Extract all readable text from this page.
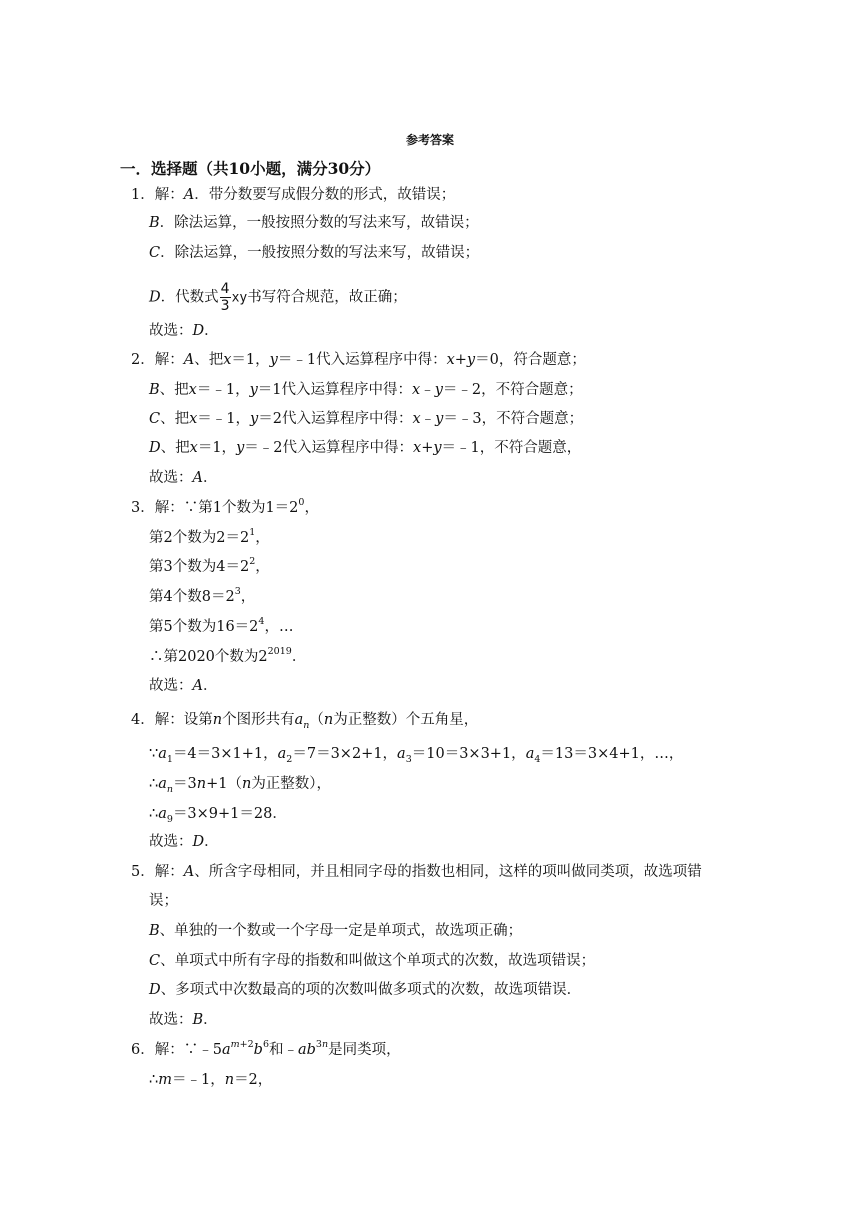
参考答案
一．选择题（共10小题，满分30分）
1．解：A．带分数要写成假分数的形式，故错误；
B．除法运算，一般按照分数的写法来写，故错误；
C．除法运算，一般按照分数的写法来写，故错误；
D．代数式 $\frac{4}{3}$ xy书写符合规范，故正确；
故选：D．
2．解：A、把x＝1，y＝﹣1代入运算程序中得：x+y＝0，符合题意；
B、把x＝﹣1，y＝1代入运算程序中得：x﹣y＝﹣2，不符合题意；
C、把x＝﹣1，y＝2代入运算程序中得：x﹣y＝﹣3，不符合题意；
D、把x＝1，y＝﹣2代入运算程序中得：x+y＝﹣1，不符合题意，
故选：A．
3．解：∵第1个数为$1=2^0$，
第2个数为$2=2^1$，
第3个数为$4=2^2$，
第4个数$8=2^3$，
第5个数为$16=2^4$，…
∴第2020个数为$2^{2019}$．
故选：A．
4．解：设第n个图形共有$a_n(n$为正整数）个五角星，
$\because a_1=4=3\times 1+1$，$a_2=7=3\times 2+1$，$a_3=10=3\times 3+1$，$a_4=13=3\times 4+1$，…，
$\therefore a_n=3n+1(n$为正整数），
$\therefore a_9=3\times 9+1=28$．
故选：D．
5．解：A、所含字母相同，并且相同字母的指数也相同，这样的项叫做同类项，故选项错
误；
B、单独的一个数或一个字母一定是单项式，故选项正确；
C、单项式中所有字母的指数和叫做这个单项式的次数，故选项错误；
D、多项式中次数最高的项的次数叫做多项式的次数，故选项错误．
故选：B．
6．解：$\because﹣5a^{m+2}b^6$和$﹣ab^{3n}$是同类项，
∴m＝﹣1，n＝2，
